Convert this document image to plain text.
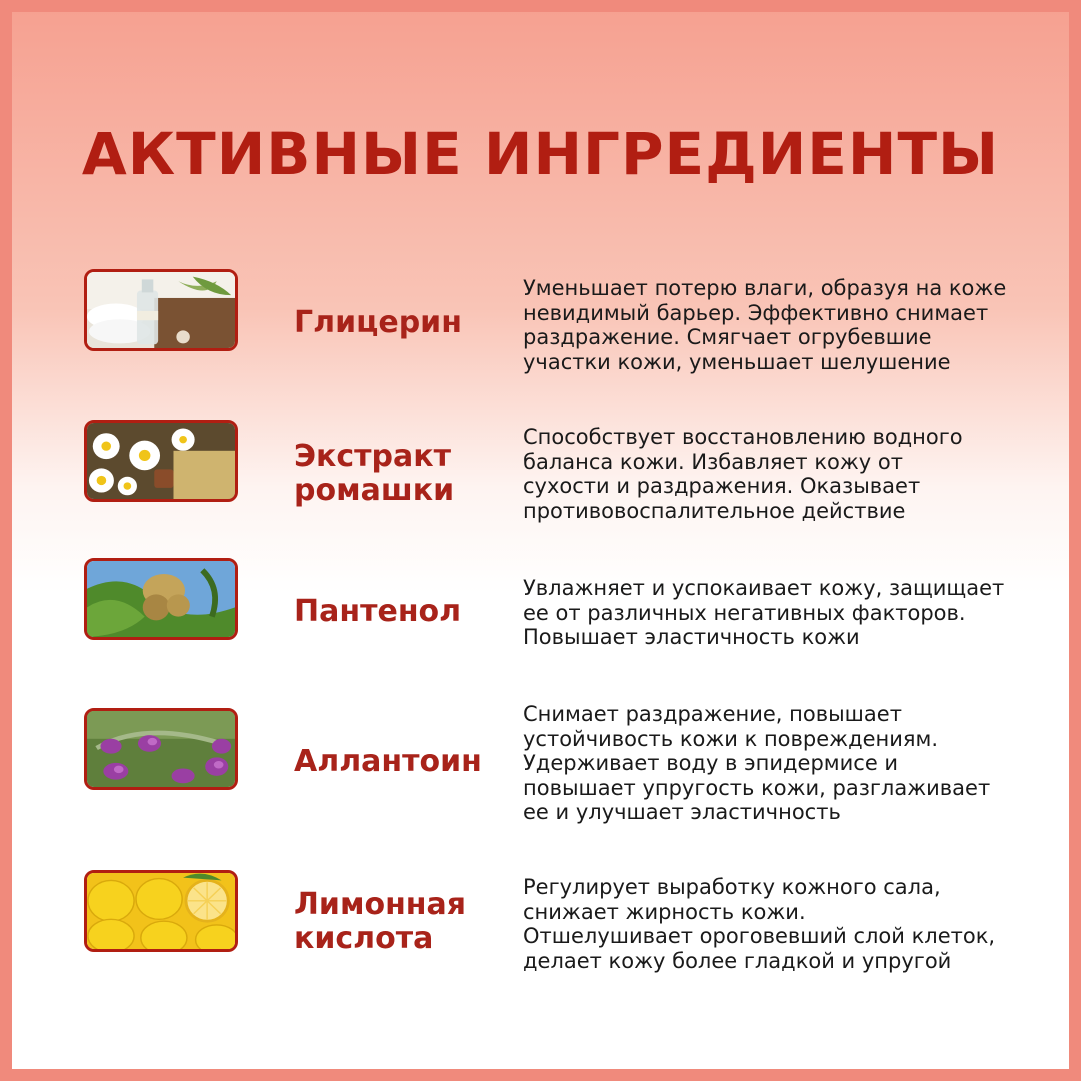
АКТИВНЫЕ ИНГРЕДИЕНТЫ
Глицерин
Уменьшает потерю влаги, образуя на коже
невидимый барьер. Эффективно снимает
раздражение. Смягчает огрубевшие
участки кожи, уменьшает шелушение
Экстракт
ромашки
Способствует восстановлению водного
баланса кожи. Избавляет кожу от
сухости и раздражения. Оказывает
противовоспалительное действие
Пантенол
Увлажняет и успокаивает кожу, защищает
ее от различных негативных факторов.
Повышает эластичность кожи
Аллантоин
Снимает раздражение, повышает
устойчивость кожи к повреждениям.
Удерживает воду в эпидермисе и
повышает упругость кожи, разглаживает
ее и улучшает эластичность
Лимонная
кислота
Регулирует выработку кожного сала,
снижает жирность кожи.
Отшелушивает ороговевший слой клеток,
делает кожу более гладкой и упругой
